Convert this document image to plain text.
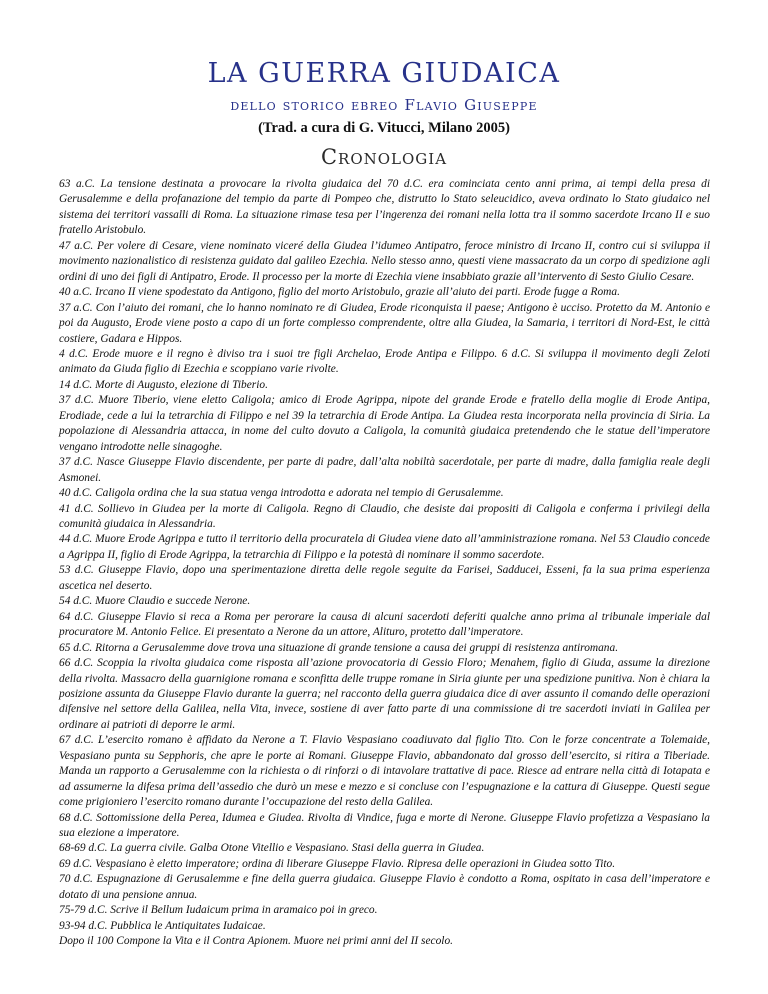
LA GUERRA GIUDAICA
dello storico ebreo Flavio Giuseppe
(Trad. a cura di G. Vitucci, Milano 2005)
Cronologia

63 a.C. La tensione destinata a provocare la rivolta giudaica del 70 d.C. era cominciata cento anni prima, ai tempi della presa di Gerusalemme e della profanazione del tempio da parte di Pompeo che, distrutto lo Stato seleucidico, aveva ordinato lo Stato giudaico nel sistema dei territori vassalli di Roma. La situazione rimase tesa per l’ingerenza dei romani nella lotta tra il sommo sacerdote Ircano II e suo fratello Aristobulo.

47 a.C. Per volere di Cesare, viene nominato viceré della Giudea l’idumeo Antipatro, feroce ministro di Ircano II, contro cui si sviluppa il movimento nazionalistico di resistenza guidato dal galileo Ezechia. Nello stesso anno, questi viene massacrato da un corpo di spedizione agli ordini di uno dei figli di Antipatro, Erode. Il processo per la morte di Ezechia viene insabbiato grazie all’intervento di Sesto Giulio Cesare.

40 a.C. Ircano II viene spodestato da Antigono, figlio del morto Aristobulo, grazie all’aiuto dei parti. Erode fugge a Roma.

37 a.C. Con l’aiuto dei romani, che lo hanno nominato re di Giudea, Erode riconquista il paese; Antigono è ucciso. Protetto da M. Antonio e poi da Augusto, Erode viene posto a capo di un forte complesso comprendente, oltre alla Giudea, la Samaria, i territori di Nord-Est, le città costiere, Gadara e Hippos.

4 d.C. Erode muore e il regno è diviso tra i suoi tre figli Archelao, Erode Antipa e Filippo. 6 d.C. Si sviluppa il movimento degli Zeloti animato da Giuda figlio di Ezechia e scoppiano varie rivolte.

14 d.C. Morte di Augusto, elezione di Tiberio.

37 d.C. Muore Tiberio, viene eletto Caligola; amico di Erode Agrippa, nipote del grande Erode e fratello della moglie di Erode Antipa, Erodiade, cede a lui la tetrarchia di Filippo e nel 39 la tetrarchia di Erode Antipa. La Giudea resta incorporata nella provincia di Siria. La popolazione di Alessandria attacca, in nome del culto dovuto a Caligola, la comunità giudaica pretendendo che le statue dell’imperatore vengano introdotte nelle sinagoghe.

37 d.C. Nasce Giuseppe Flavio discendente, per parte di padre, dall’alta nobiltà sacerdotale, per parte di madre, dalla famiglia reale degli Asmonei.

40 d.C. Caligola ordina che la sua statua venga introdotta e adorata nel tempio di Gerusalemme.

41 d.C. Sollievo in Giudea per la morte di Caligola. Regno di Claudio, che desiste dai propositi di Caligola e conferma i privilegi della comunità giudaica in Alessandria.

44 d.C. Muore Erode Agrippa e tutto il territorio della procuratela di Giudea viene dato all’amministrazione romana. Nel 53 Claudio concede a Agrippa II, figlio di Erode Agrippa, la tetrarchia di Filippo e la potestà di nominare il sommo sacerdote.

53 d.C. Giuseppe Flavio, dopo una sperimentazione diretta delle regole seguite da Farisei, Sadducei, Esseni, fa la sua prima esperienza ascetica nel deserto.

54 d.C. Muore Claudio e succede Nerone.

64 d.C. Giuseppe Flavio si reca a Roma per perorare la causa di alcuni sacerdoti deferiti qualche anno prima al tribunale imperiale dal procuratore M. Antonio Felice. Ei presentato a Nerone da un attore, Alituro, protetto dall’imperatore.

65 d.C. Ritorna a Gerusalemme dove trova una situazione di grande tensione a causa dei gruppi di resistenza antiromana.

66 d.C. Scoppia la rivolta giudaica come risposta all’azione provocatoria di Gessio Floro; Menahem, figlio di Giuda, assume la direzione della rivolta. Massacro della guarnigione romana e sconfitta delle truppe romane in Siria giunte per una spedizione punitiva. Non è chiara la posizione assunta da Giuseppe Flavio durante la guerra; nel racconto della guerra giudaica dice di aver assunto il comando delle operazioni difensive nel settore della Galilea, nella Vita, invece, sostiene di aver fatto parte di una commissione di tre sacerdoti inviati in Galilea per ordinare ai patrioti di deporre le armi.

67 d.C. L’esercito romano è affidato da Nerone a T. Flavio Vespasiano coadiuvato dal figlio Tito. Con le forze concentrate a Tolemaide, Vespasiano punta su Sepphoris, che apre le porte ai Romani. Giuseppe Flavio, abbandonato dal grosso dell’esercito, si ritira a Tiberiade. Manda un rapporto a Gerusalemme con la richiesta o di rinforzi o di intavolare trattative di pace. Riesce ad entrare nella città di Iotapata e ad assumerne la difesa prima dell’assedio che durò un mese e mezzo e si concluse con l’espugnazione e la cattura di Giuseppe. Questi segue come prigioniero l’esercito romano durante l’occupazione del resto della Galilea.

68 d.C. Sottomissione della Perea, Idumea e Giudea. Rivolta di Vindice, fuga e morte di Nerone. Giuseppe Flavio profetizza a Vespasiano la sua elezione a imperatore.

68-69 d.C. La guerra civile. Galba Otone Vitellio e Vespasiano. Stasi della guerra in Giudea.

69 d.C. Vespasiano è eletto imperatore; ordina di liberare Giuseppe Flavio. Ripresa delle operazioni in Giudea sotto Tito.

70 d.C. Espugnazione di Gerusalemme e fine della guerra giudaica. Giuseppe Flavio è condotto a Roma, ospitato in casa dell’imperatore e dotato di una pensione annua.

75-79 d.C. Scrive il Bellum Iudaicum prima in aramaico poi in greco.

93-94 d.C. Pubblica le Antiquitates Iudaicae.

Dopo il 100 Compone la Vita e il Contra Apionem. Muore nei primi anni del II secolo.
